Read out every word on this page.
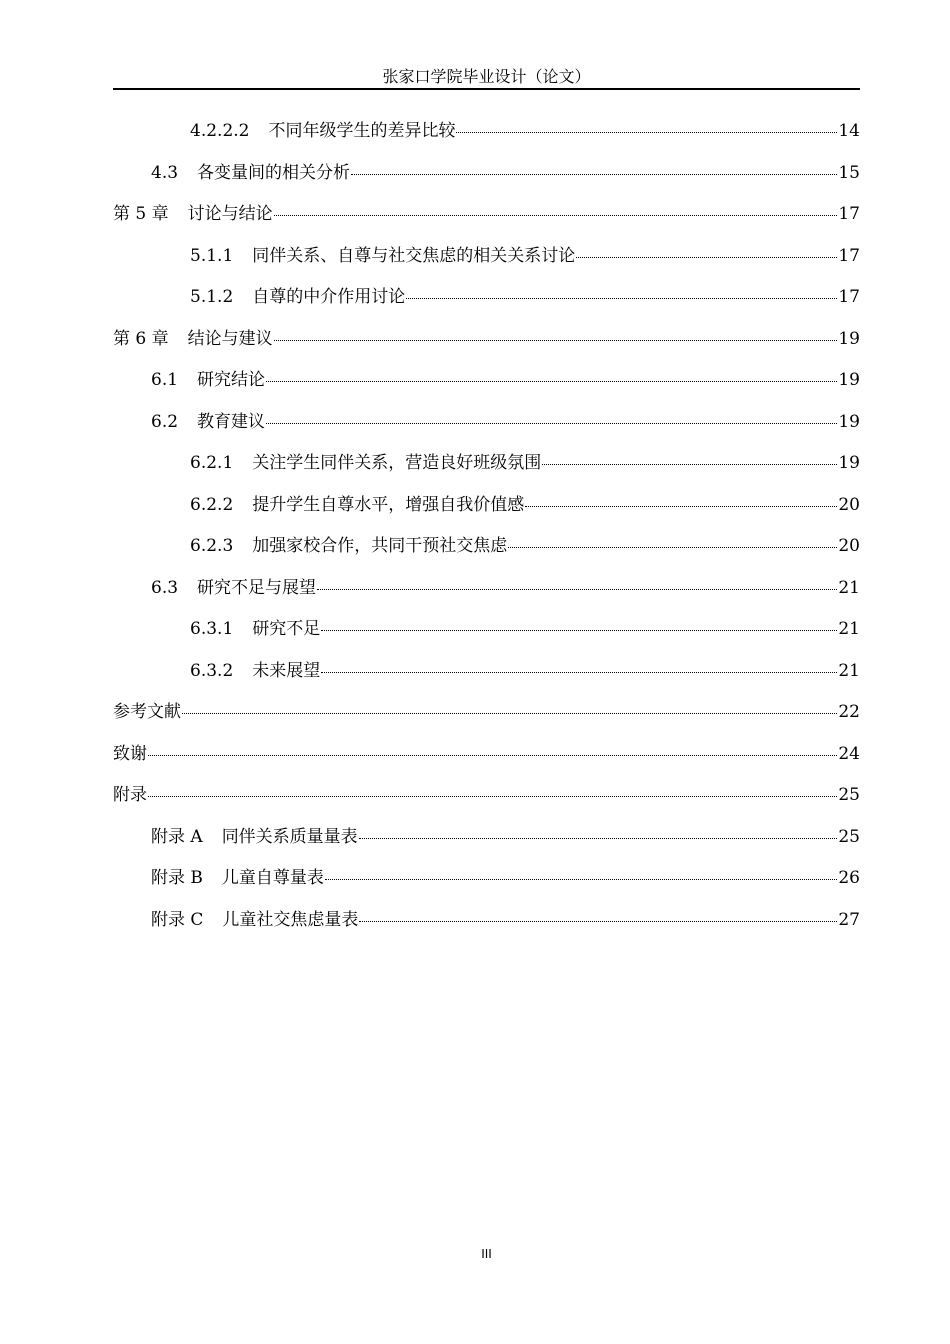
张家口学院毕业设计（论文）
4.2.2.2 不同年级学生的差异比较	14
4.3 各变量间的相关分析	15
第 5 章 讨论与结论	17
5.1.1 同伴关系、自尊与社交焦虑的相关关系讨论	17
5.1.2 自尊的中介作用讨论	17
第 6 章 结论与建议	19
6.1 研究结论	19
6.2 教育建议	19
6.2.1 关注学生同伴关系，营造良好班级氛围	19
6.2.2 提升学生自尊水平，增强自我价值感	20
6.2.3 加强家校合作，共同干预社交焦虑	20
6.3 研究不足与展望	21
6.3.1 研究不足	21
6.3.2 未来展望	21
参考文献	22
致谢	24
附录	25
附录 A 同伴关系质量量表	25
附录 B 儿童自尊量表	26
附录 C 儿童社交焦虑量表	27
III
